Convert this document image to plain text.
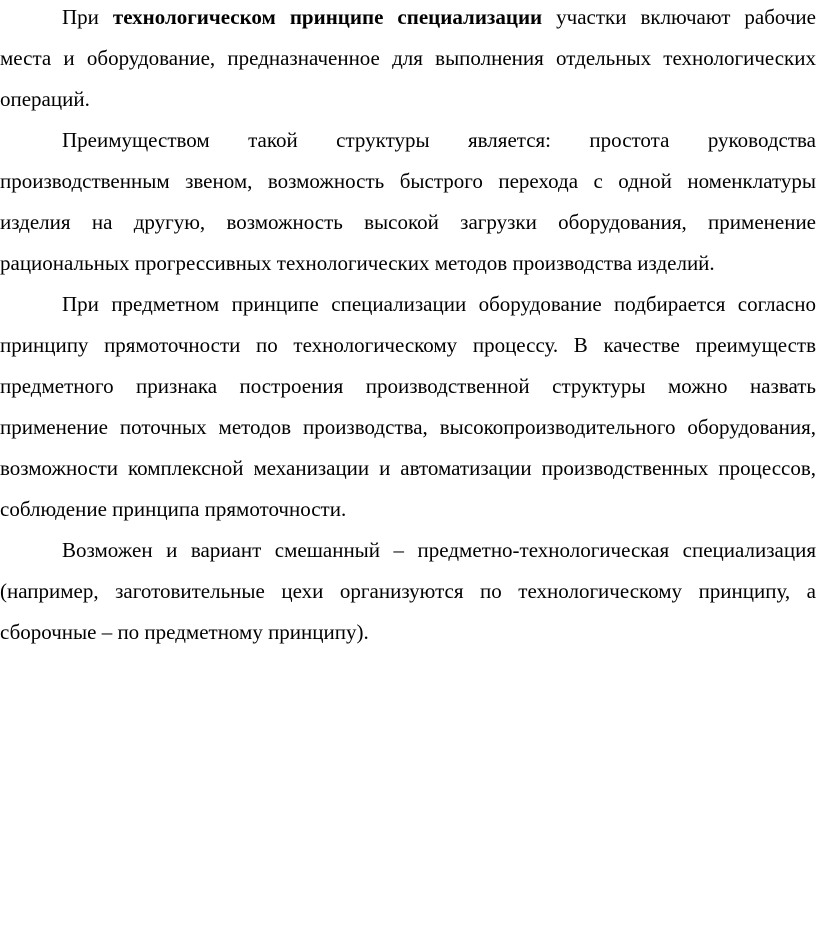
При технологическом принципе специализации участки включают рабочие места и оборудование, предназначенное для выполнения отдельных технологических операций.

Преимуществом такой структуры является: простота руководства производственным звеном, возможность быстрого перехода с одной номенклатуры изделия на другую, возможность высокой загрузки оборудования, применение рациональных прогрессивных технологических методов производства изделий.

При предметном принципе специализации оборудование подбирается согласно принципу прямоточности по технологическому процессу. В качестве преимуществ предметного признака построения производственной структуры можно назвать применение поточных методов производства, высокопроизводительного оборудования, возможности комплексной механизации и автоматизации производственных процессов, соблюдение принципа прямоточности.

Возможен и вариант смешанный – предметно-технологическая специализация (например, заготовительные цехи организуются по технологическому принципу, а сборочные – по предметному принципу).
